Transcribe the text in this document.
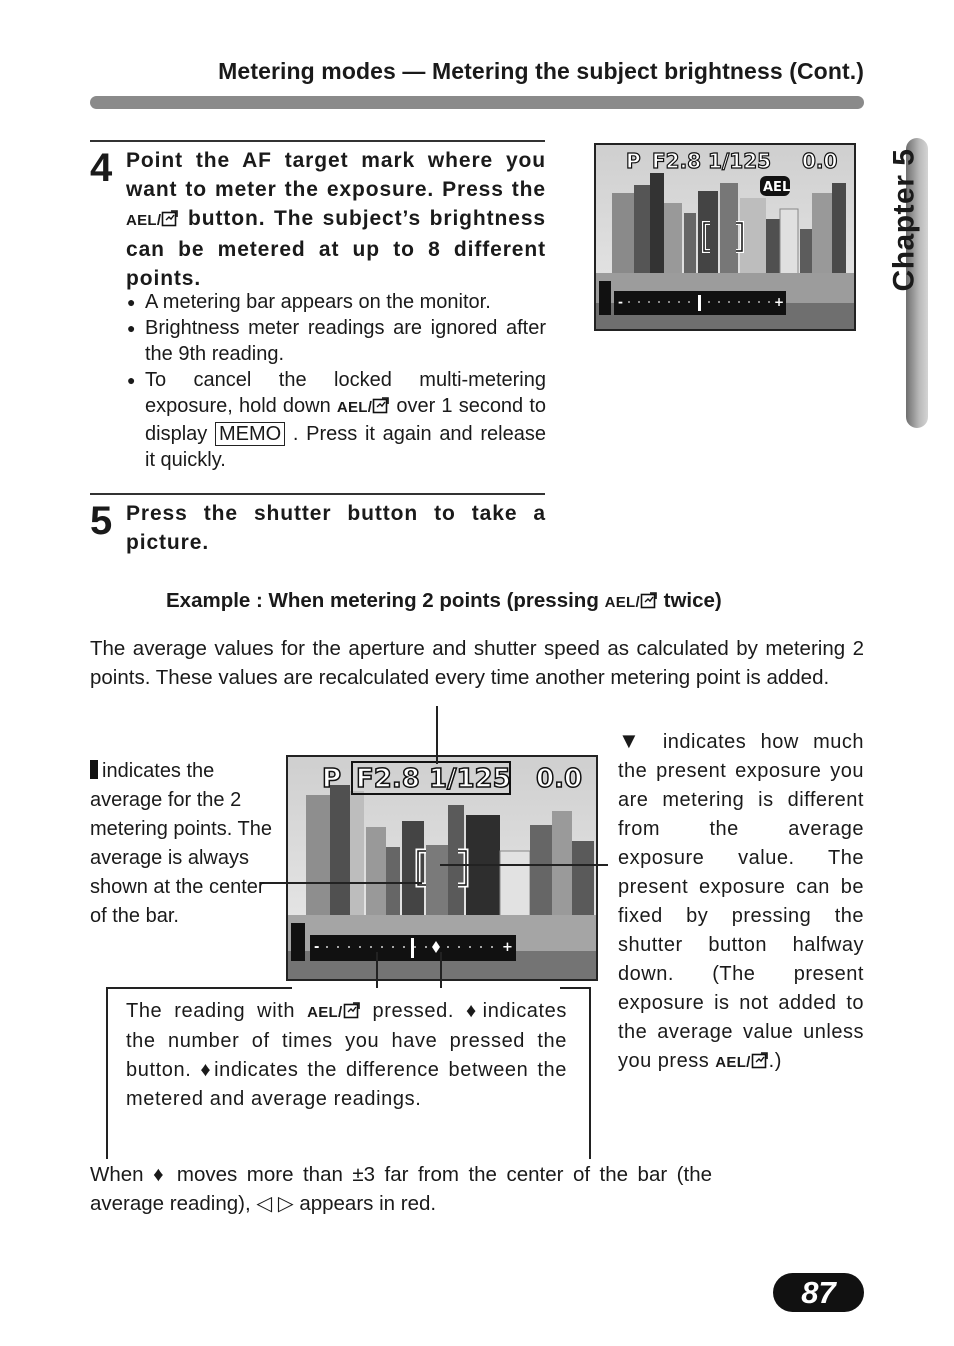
Metering modes — Metering the subject brightness (Cont.)
Chapter 5
4 Point the AF target mark where you want to meter the exposure. Press the AEL/ button. The subject’s brightness can be metered at up to 8 different points.
● A metering bar appears on the monitor.
● Brightness meter readings are ignored after the 9th reading.
● To cancel the locked multi-metering exposure, hold down AEL/ over 1 second to display MEMO . Press it again and release it quickly.
P F2.8 1/125 0.0
AEL
-	+
5 Press the shutter button to take a picture.
Example : When metering 2 points (pressing AEL/ twice)
The average values for the aperture and shutter speed as calculated by metering 2 points. These values are recalculated every time another metering point is added.
P F2.8 1/125 0.0
-	+
indicates the average for the 2 metering points. The average is always shown at the center of the bar.
▼ indicates how much the present exposure you are metering is different from the average exposure value. The present exposure can be fixed by pressing the shutter button halfway down. (The present exposure is not added to the average value unless you press AEL/ .)
The reading with AEL/ pressed. ♦indicates the number of times you have pressed the button. ♦indicates the difference between the metered and average readings.
When ♦ moves more than ±3 far from the center of the bar (the average reading), ◁ ▷ appears in red.
87
